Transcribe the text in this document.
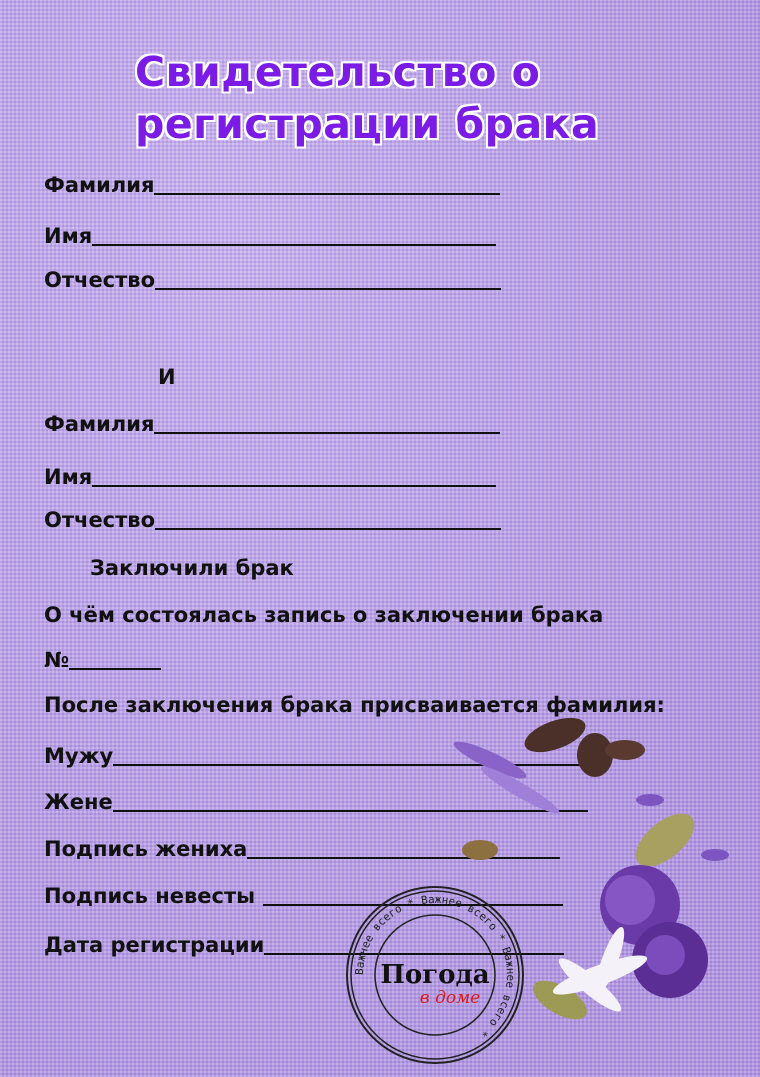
Свидетельство о
регистрации брака
Фамилия
Имя
Отчество
И
Фамилия
Имя
Отчество
Заключили брак
О чём состоялась запись о заключении брака
№
После заключения брака присваивается фамилия:
Мужу
Жене
Подпись жениха
Подпись невесты
Дата регистрации
Важнее всего * Важнее всего * Важнее всего *
Погода
в доме
